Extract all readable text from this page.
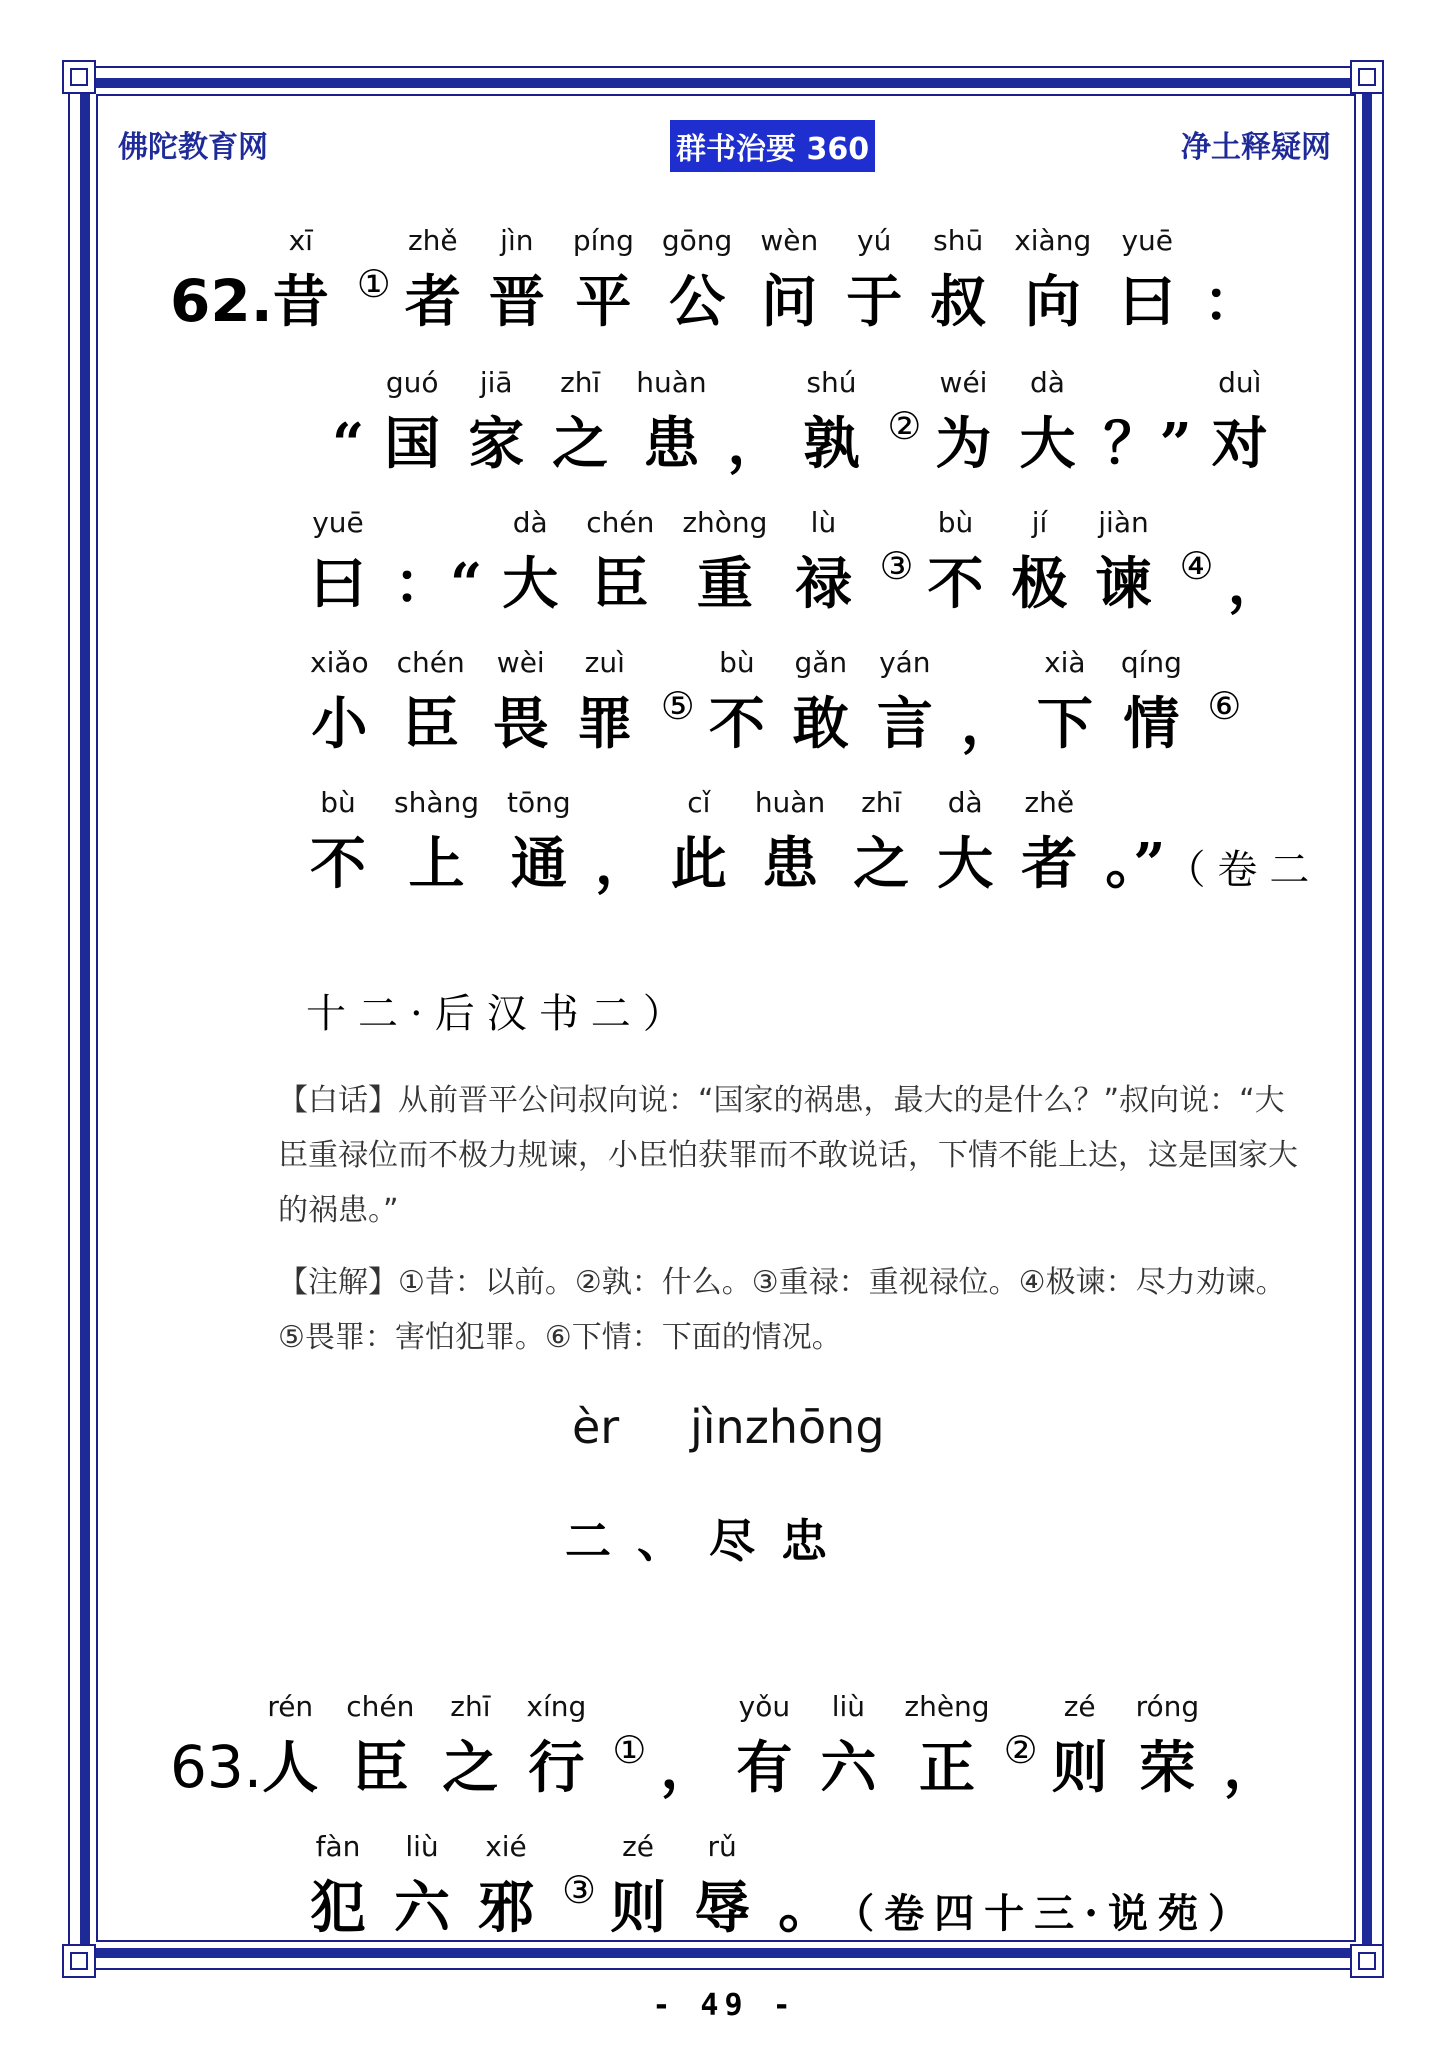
佛陀教育网	群书治要 360	净土释疑网
62.昔xī① 者zhě晋jìn平píng公gōng问wèn于yú叔shū向xiàng曰yuē：
“ 国guó家jiā之zhī患huàn， 孰shú② 为wéi大dà？” 对duì
曰yuē：“ 大dà臣chén重zhòng禄lù③ 不bù极jí谏jiàn④ ，
小xiǎo臣chén畏wèi罪zuì⑤ 不bù敢gǎn言yán， 下xià情qíng⑥
不bù上shàng通tōng， 此cǐ患huàn之zhī大dà者zhě。” （卷二
十二·后汉书二）
【白话】从前晋平公问叔向说：“国家的祸患，最大的是什么？”叔向说：“大臣重禄位而不极力规谏，小臣怕获罪而不敢说话，下情不能上达，这是国家大的祸患。”
【注解】①昔：以前。②孰：什么。③重禄：重视禄位。④极谏：尽力劝谏。⑤畏罪：害怕犯罪。⑥下情：下面的情况。
èr jìnzhōng
二、尽忠
63.人rén臣chén之zhī行xíng① ， 有yǒu六liù正zhèng② 则zé荣róng，
犯fàn六liù邪xié③ 则zé辱rǔ。 （卷四十三·说苑）
- 49 -
